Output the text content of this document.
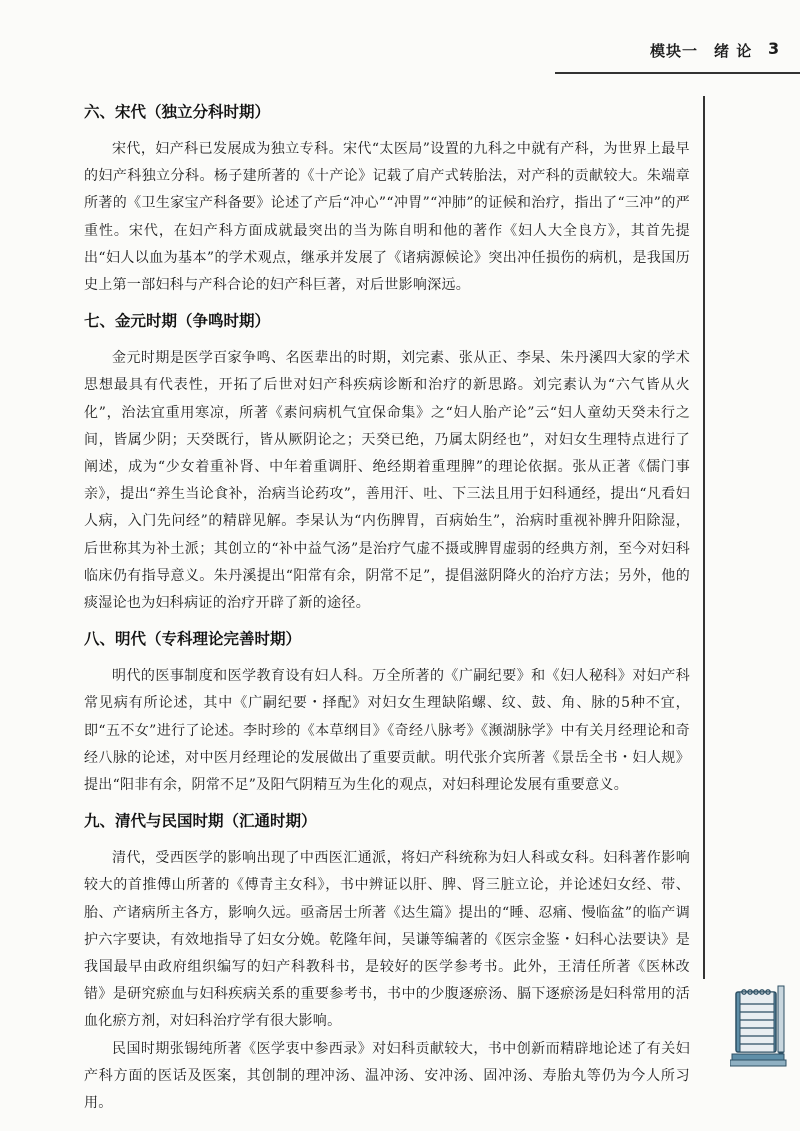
模块一　绪 论 3
六、宋代（独立分科时期）

宋代，妇产科已发展成为独立专科。宋代“太医局”设置的九科之中就有产科，为世界上最早的妇产科独立分科。杨子建所著的《十产论》记载了肩产式转胎法，对产科的贡献较大。朱端章所著的《卫生家宝产科备要》论述了产后“冲心”“冲胃”“冲肺”的证候和治疗，指出了“三冲”的严重性。宋代，在妇产科方面成就最突出的当为陈自明和他的著作《妇人大全良方》，其首先提出“妇人以血为基本”的学术观点，继承并发展了《诸病源候论》突出冲任损伤的病机，是我国历史上第一部妇科与产科合论的妇产科巨著，对后世影响深远。

七、金元时期（争鸣时期）

金元时期是医学百家争鸣、名医辈出的时期，刘完素、张从正、李杲、朱丹溪四大家的学术思想最具有代表性，开拓了后世对妇产科疾病诊断和治疗的新思路。刘完素认为“六气皆从火化”，治法宜重用寒凉，所著《素问病机气宜保命集》之“妇人胎产论”云“妇人童幼天癸未行之间，皆属少阴；天癸既行，皆从厥阴论之；天癸已绝，乃属太阴经也”，对妇女生理特点进行了阐述，成为“少女着重补肾、中年着重调肝、绝经期着重理脾”的理论依据。张从正著《儒门事亲》，提出“养生当论食补，治病当论药攻”，善用汗、吐、下三法且用于妇科通经，提出“凡看妇人病，入门先问经”的精辟见解。李杲认为“内伤脾胃，百病始生”，治病时重视补脾升阳除湿，后世称其为补土派；其创立的“补中益气汤”是治疗气虚不摄或脾胃虚弱的经典方剂，至今对妇科临床仍有指导意义。朱丹溪提出“阳常有余，阴常不足”，提倡滋阴降火的治疗方法；另外，他的痰湿论也为妇科病证的治疗开辟了新的途径。

八、明代（专科理论完善时期）

明代的医事制度和医学教育设有妇人科。万全所著的《广嗣纪要》和《妇人秘科》对妇产科常见病有所论述，其中《广嗣纪要・择配》对妇女生理缺陷螺、纹、鼓、角、脉的5种不宜，即“五不女”进行了论述。李时珍的《本草纲目》《奇经八脉考》《濒湖脉学》中有关月经理论和奇经八脉的论述，对中医月经理论的发展做出了重要贡献。明代张介宾所著《景岳全书・妇人规》提出“阳非有余，阴常不足”及阳气阴精互为生化的观点，对妇科理论发展有重要意义。

九、清代与民国时期（汇通时期）

清代，受西医学的影响出现了中西医汇通派，将妇产科统称为妇人科或女科。妇科著作影响较大的首推傅山所著的《傅青主女科》，书中辨证以肝、脾、肾三脏立论，并论述妇女经、带、胎、产诸病所主各方，影响久远。亟斋居士所著《达生篇》提出的“睡、忍痛、慢临盆”的临产调护六字要诀，有效地指导了妇女分娩。乾隆年间，吴谦等编著的《医宗金鉴・妇科心法要诀》是我国最早由政府组织编写的妇产科教科书，是较好的医学参考书。此外，王清任所著《医林改错》是研究瘀血与妇科疾病关系的重要参考书，书中的少腹逐瘀汤、膈下逐瘀汤是妇科常用的活血化瘀方剂，对妇科治疗学有很大影响。

民国时期张锡纯所著《医学衷中参西录》对妇科贡献较大，书中创新而精辟地论述了有关妇产科方面的医话及医案，其创制的理冲汤、温冲汤、安冲汤、固冲汤、寿胎丸等仍为今人所习用。
